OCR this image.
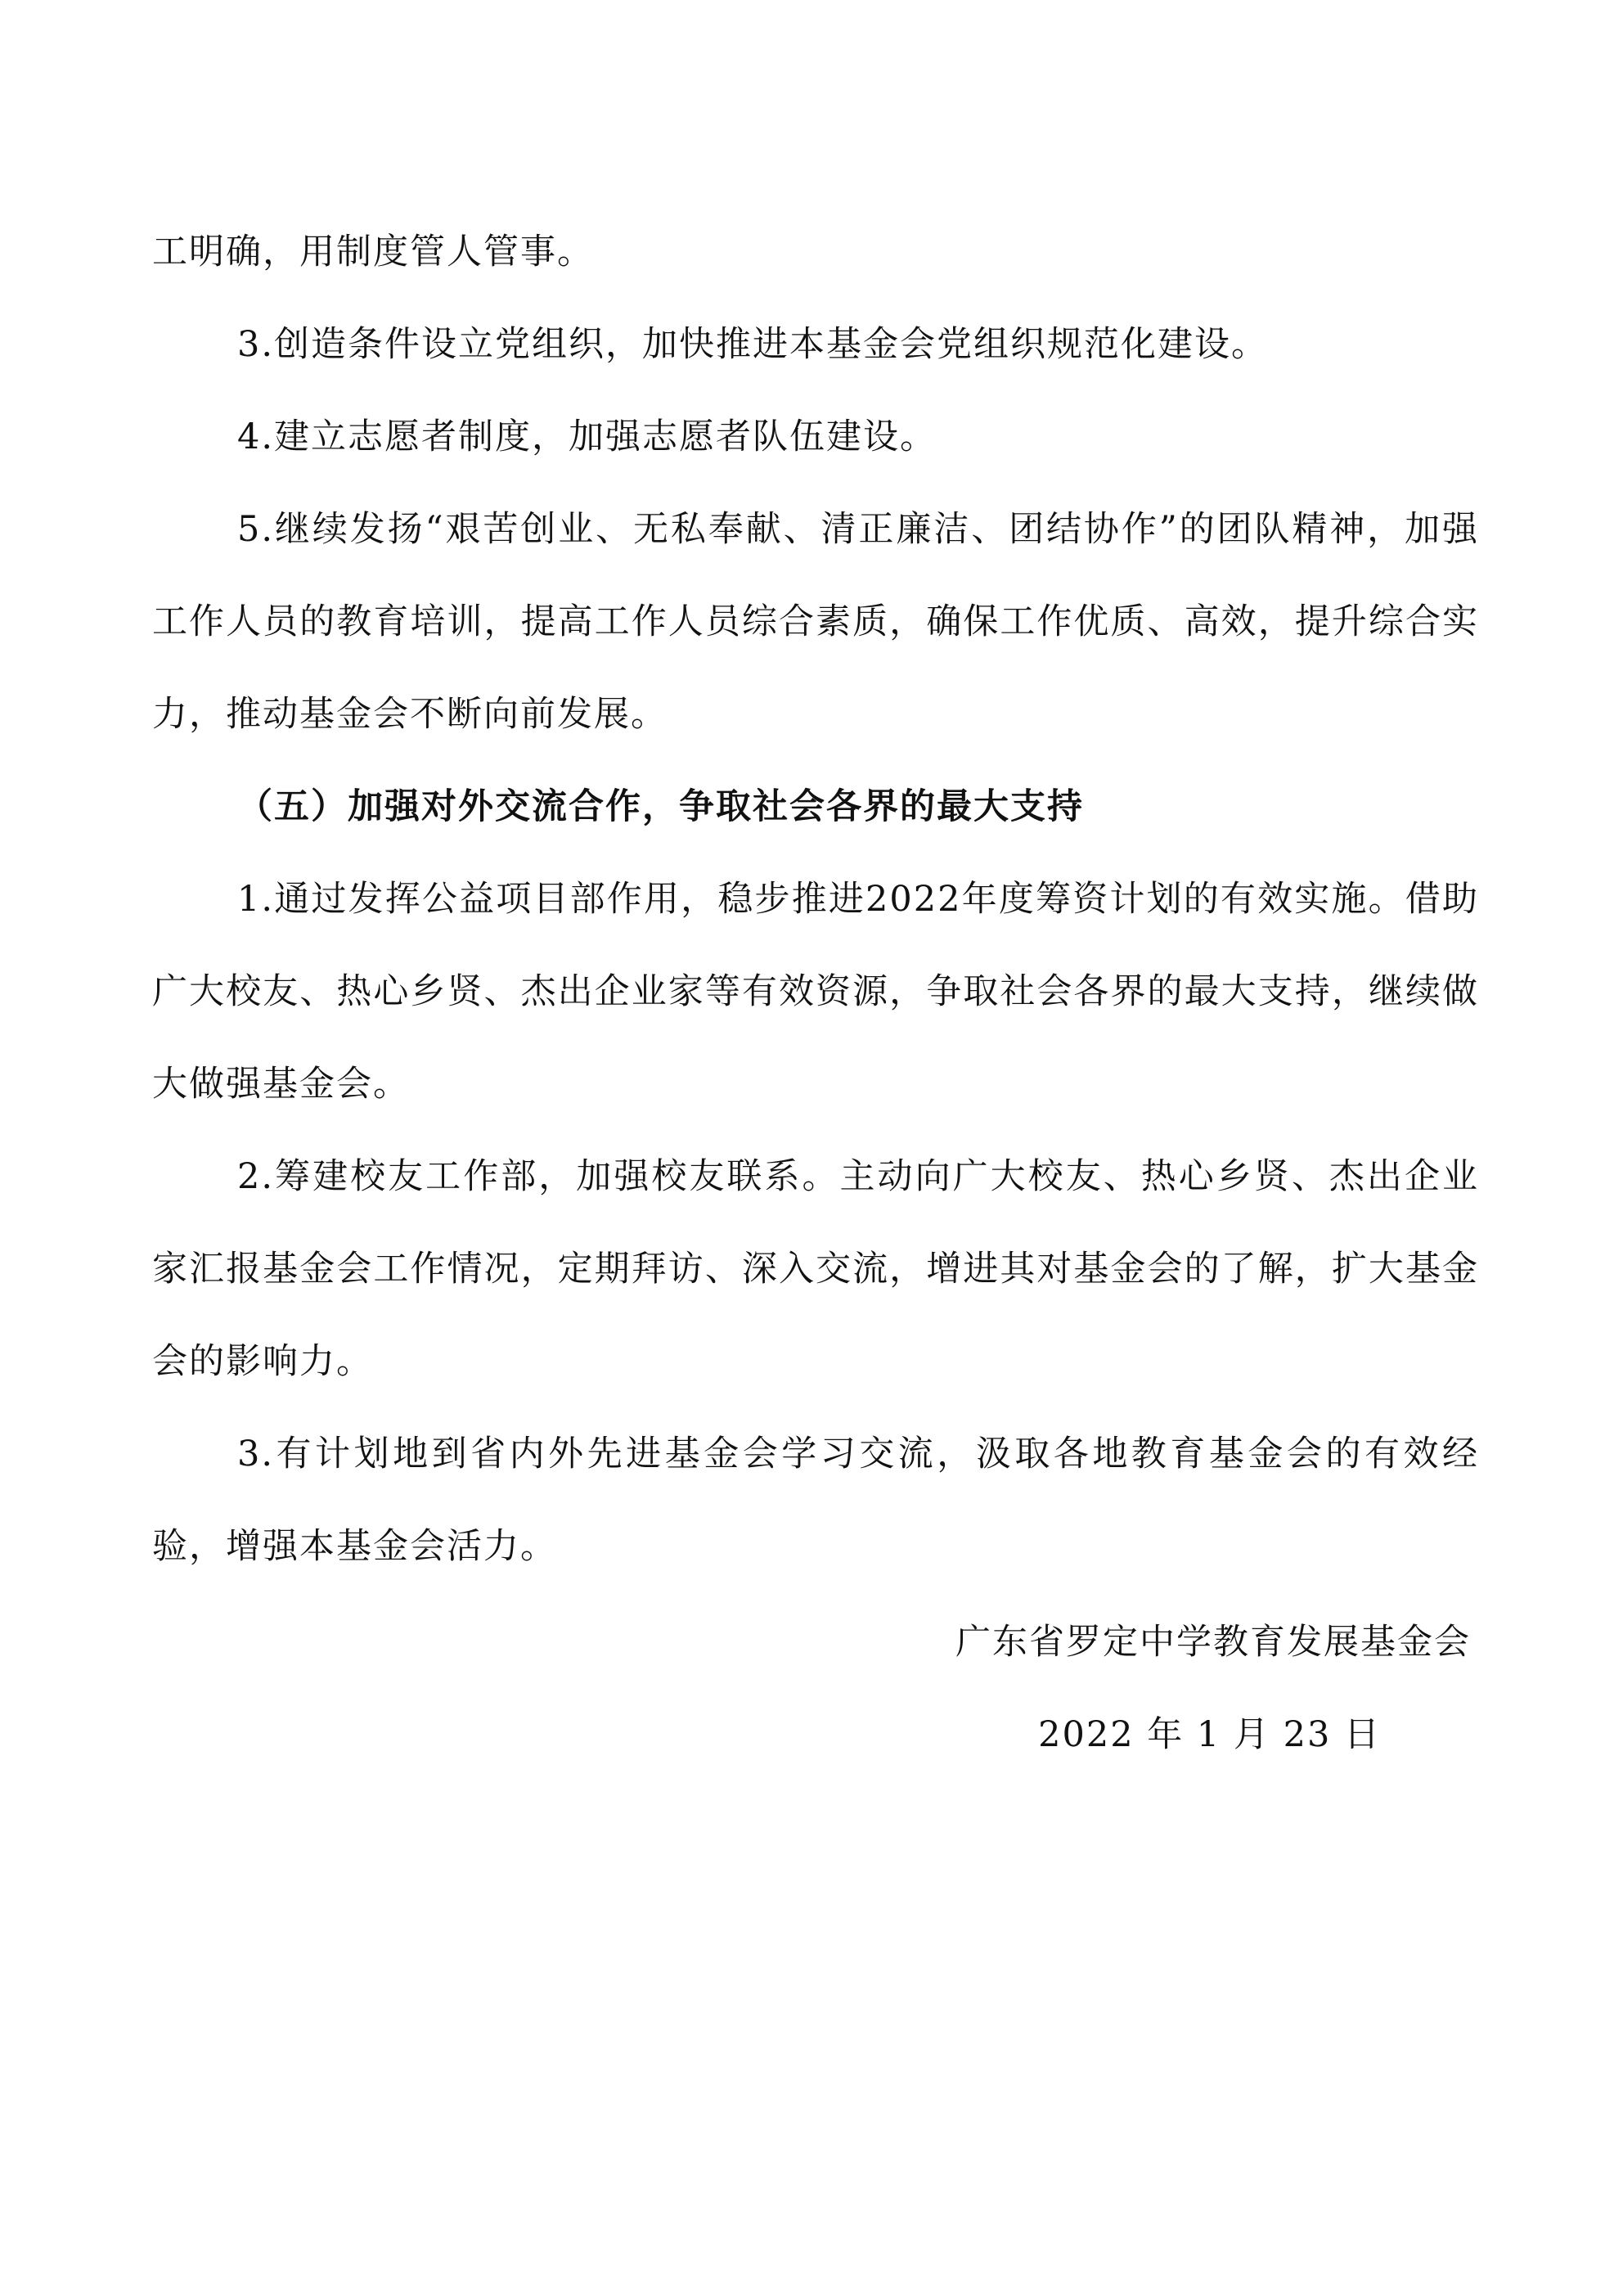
工明确，用制度管人管事。

3.创造条件设立党组织，加快推进本基金会党组织规范化建设。

4.建立志愿者制度，加强志愿者队伍建设。

5.继续发扬“艰苦创业、无私奉献、清正廉洁、团结协作”的团队精神，加强工作人员的教育培训，提高工作人员综合素质，确保工作优质、高效，提升综合实力，推动基金会不断向前发展。

（五）加强对外交流合作，争取社会各界的最大支持

1.通过发挥公益项目部作用，稳步推进2022年度筹资计划的有效实施。借助广大校友、热心乡贤、杰出企业家等有效资源，争取社会各界的最大支持，继续做大做强基金会。

2.筹建校友工作部，加强校友联系。主动向广大校友、热心乡贤、杰出企业家汇报基金会工作情况，定期拜访、深入交流，增进其对基金会的了解，扩大基金会的影响力。

3.有计划地到省内外先进基金会学习交流，汲取各地教育基金会的有效经验，增强本基金会活力。

广东省罗定中学教育发展基金会
2022 年 1 月 23 日
